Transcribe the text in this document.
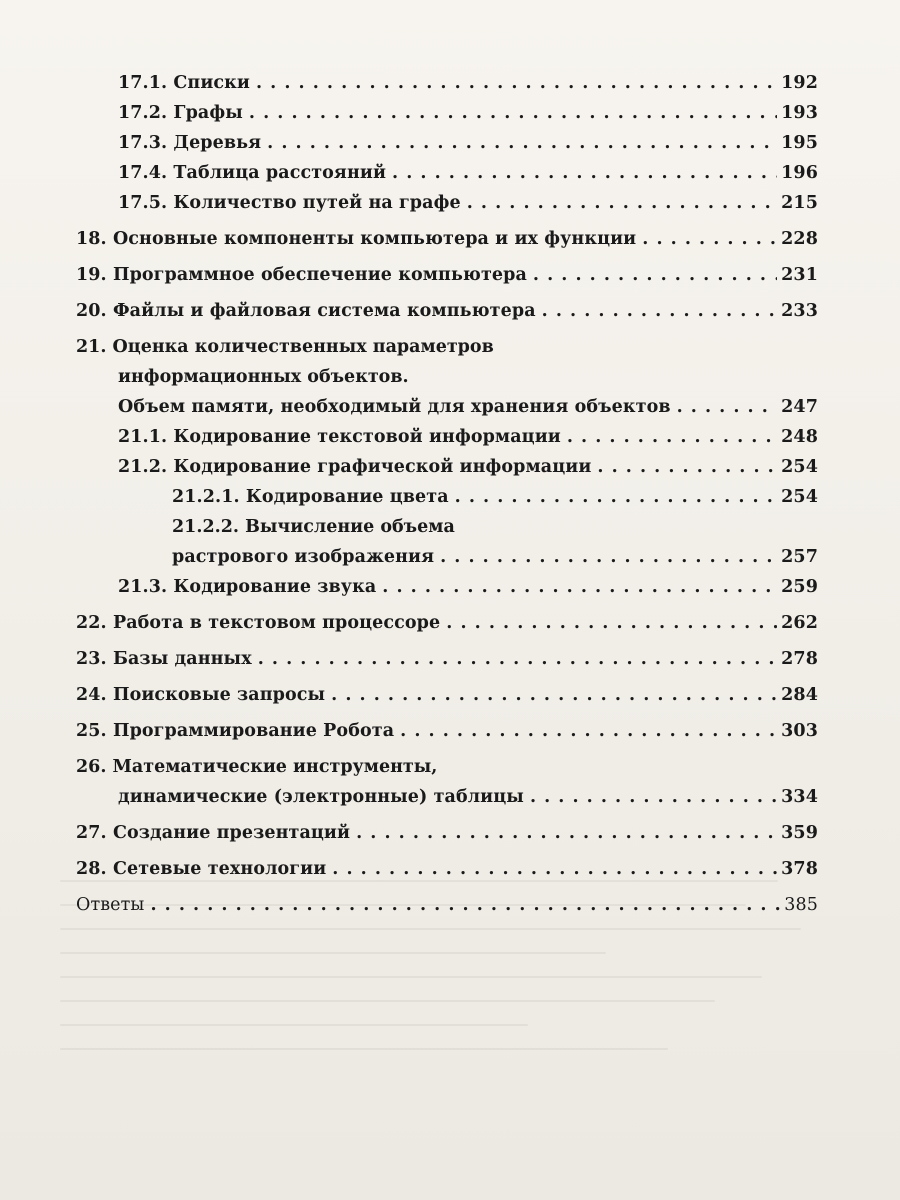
17.1. Списки . . .	192
17.2. Графы . . .	193
17.3. Деревья . . .	195
17.4. Таблица расстояний . . .	196
17.5. Количество путей на графе . . .	215
18. Основные компоненты компьютера и их функции . . .	228
19. Программное обеспечение компьютера . . .	231
20. Файлы и файловая система компьютера . . .	233
21. Оценка количественных параметров
информационных объектов.
Объем памяти, необходимый для хранения объектов . . .	247
21.1. Кодирование текстовой информации . . .	248
21.2. Кодирование графической информации . . .	254
21.2.1. Кодирование цвета . . .	254
21.2.2. Вычисление объема
растрового изображения . . .	257
21.3. Кодирование звука . . .	259
22. Работа в текстовом процессоре . . .	262
23. Базы данных . . .	278
24. Поисковые запросы . . .	284
25. Программирование Робота . . .	303
26. Математические инструменты,
динамические (электронные) таблицы . . .	334
27. Создание презентаций . . .	359
28. Сетевые технологии . . .	378
Ответы . . .	385
